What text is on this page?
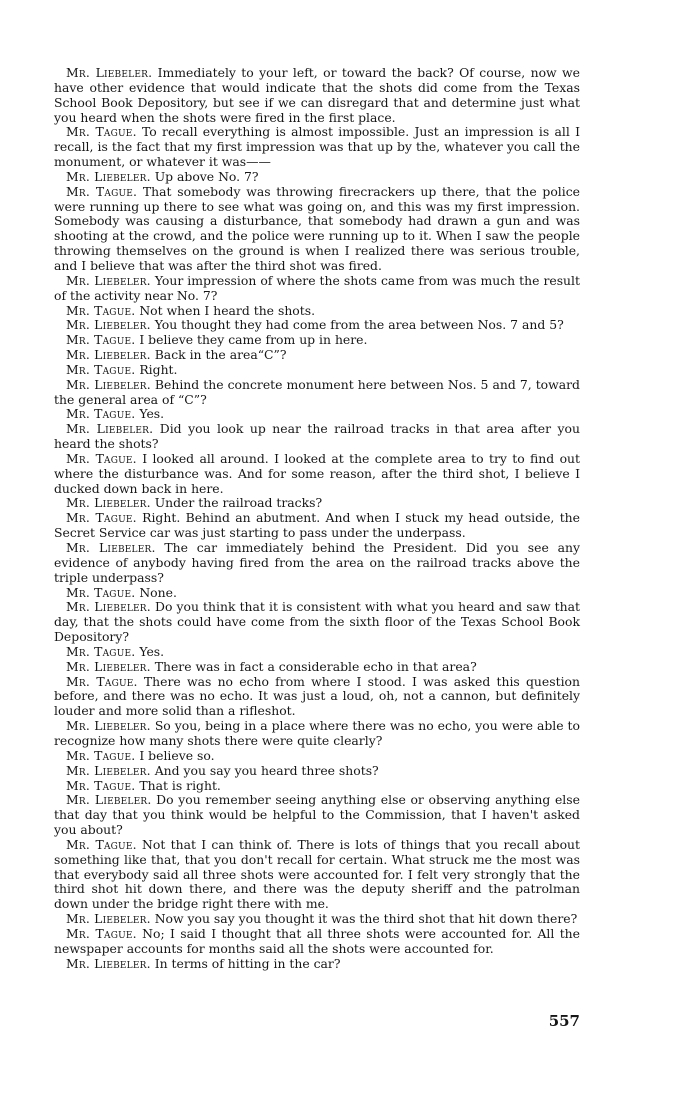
Mr. Liebeler. Immediately to your left, or toward the back? Of course, now we have other evidence that would indicate that the shots did come from the Texas School Book Depository, but see if we can disregard that and determine just what you heard when the shots were fired in the first place.

Mr. Tague. To recall everything is almost impossible. Just an impression is all I recall, is the fact that my first impression was that up by the, whatever you call the monument, or whatever it was——

Mr. Liebeler. Up above No. 7?

Mr. Tague. That somebody was throwing firecrackers up there, that the police were running up there to see what was going on, and this was my first impression. Somebody was causing a disturbance, that somebody had drawn a gun and was shooting at the crowd, and the police were running up to it. When I saw the people throwing themselves on the ground is when I realized there was serious trouble, and I believe that was after the third shot was fired.

Mr. Liebeler. Your impression of where the shots came from was much the result of the activity near No. 7?

Mr. Tague. Not when I heard the shots.

Mr. Liebeler. You thought they had come from the area between Nos. 7 and 5?

Mr. Tague. I believe they came from up in here.

Mr. Liebeler. Back in the area“C”?

Mr. Tague. Right.

Mr. Liebeler. Behind the concrete monument here between Nos. 5 and 7, toward the general area of “C”?

Mr. Tague. Yes.

Mr. Liebeler. Did you look up near the railroad tracks in that area after you heard the shots?

Mr. Tague. I looked all around. I looked at the complete area to try to find out where the disturbance was. And for some reason, after the third shot, I believe I ducked down back in here.

Mr. Liebeler. Under the railroad tracks?

Mr. Tague. Right. Behind an abutment. And when I stuck my head outside, the Secret Service car was just starting to pass under the underpass.

Mr. Liebeler. The car immediately behind the President. Did you see any evidence of anybody having fired from the area on the railroad tracks above the triple underpass?

Mr. Tague. None.

Mr. Liebeler. Do you think that it is consistent with what you heard and saw that day, that the shots could have come from the sixth floor of the Texas School Book Depository?

Mr. Tague. Yes.

Mr. Liebeler. There was in fact a considerable echo in that area?

Mr. Tague. There was no echo from where I stood. I was asked this question before, and there was no echo. It was just a loud, oh, not a cannon, but definitely louder and more solid than a rifleshot.

Mr. Liebeler. So you, being in a place where there was no echo, you were able to recognize how many shots there were quite clearly?

Mr. Tague. I believe so.

Mr. Liebeler. And you say you heard three shots?

Mr. Tague. That is right.

Mr. Liebeler. Do you remember seeing anything else or observing anything else that day that you think would be helpful to the Commission, that I haven't asked you about?

Mr. Tague. Not that I can think of. There is lots of things that you recall about something like that, that you don't recall for certain. What struck me the most was that everybody said all three shots were accounted for. I felt very strongly that the third shot hit down there, and there was the deputy sheriff and the patrolman down under the bridge right there with me.

Mr. Liebeler. Now you say you thought it was the third shot that hit down there?

Mr. Tague. No; I said I thought that all three shots were accounted for. All the newspaper accounts for months said all the shots were accounted for.

Mr. Liebeler. In terms of hitting in the car?

557
